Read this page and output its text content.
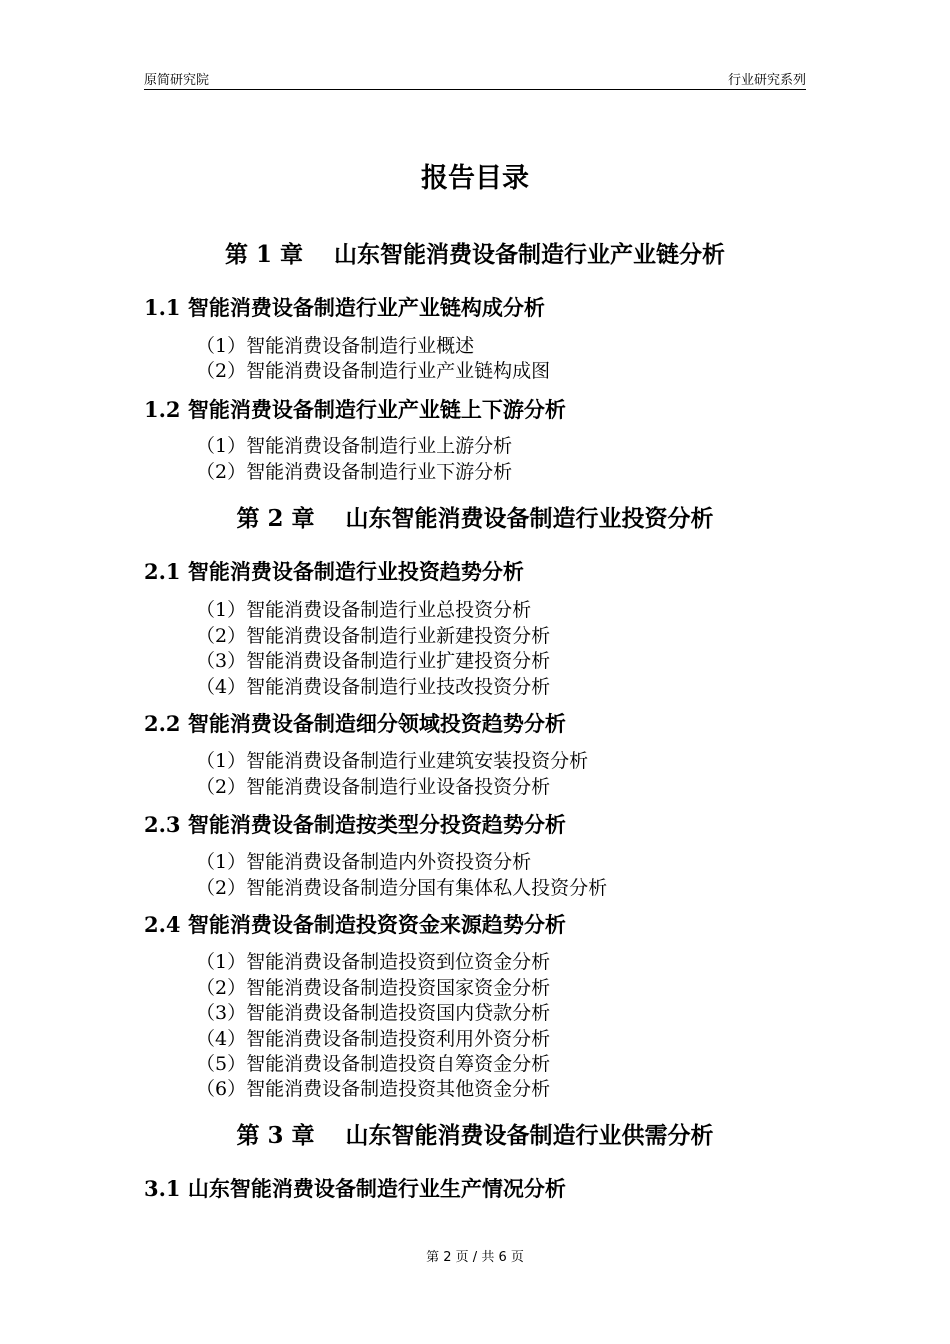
原简研究院	行业研究系列
报告目录
第 1 章　 山东智能消费设备制造行业产业链分析
1.1 智能消费设备制造行业产业链构成分析
（1）智能消费设备制造行业概述
（2）智能消费设备制造行业产业链构成图
1.2 智能消费设备制造行业产业链上下游分析
（1）智能消费设备制造行业上游分析
（2）智能消费设备制造行业下游分析
第 2 章　 山东智能消费设备制造行业投资分析
2.1 智能消费设备制造行业投资趋势分析
（1）智能消费设备制造行业总投资分析
（2）智能消费设备制造行业新建投资分析
（3）智能消费设备制造行业扩建投资分析
（4）智能消费设备制造行业技改投资分析
2.2 智能消费设备制造细分领域投资趋势分析
（1）智能消费设备制造行业建筑安装投资分析
（2）智能消费设备制造行业设备投资分析
2.3 智能消费设备制造按类型分投资趋势分析
（1）智能消费设备制造内外资投资分析
（2）智能消费设备制造分国有集体私人投资分析
2.4 智能消费设备制造投资资金来源趋势分析
（1）智能消费设备制造投资到位资金分析
（2）智能消费设备制造投资国家资金分析
（3）智能消费设备制造投资国内贷款分析
（4）智能消费设备制造投资利用外资分析
（5）智能消费设备制造投资自筹资金分析
（6）智能消费设备制造投资其他资金分析
第 3 章　 山东智能消费设备制造行业供需分析
3.1 山东智能消费设备制造行业生产情况分析
第 2 页 / 共 6 页
